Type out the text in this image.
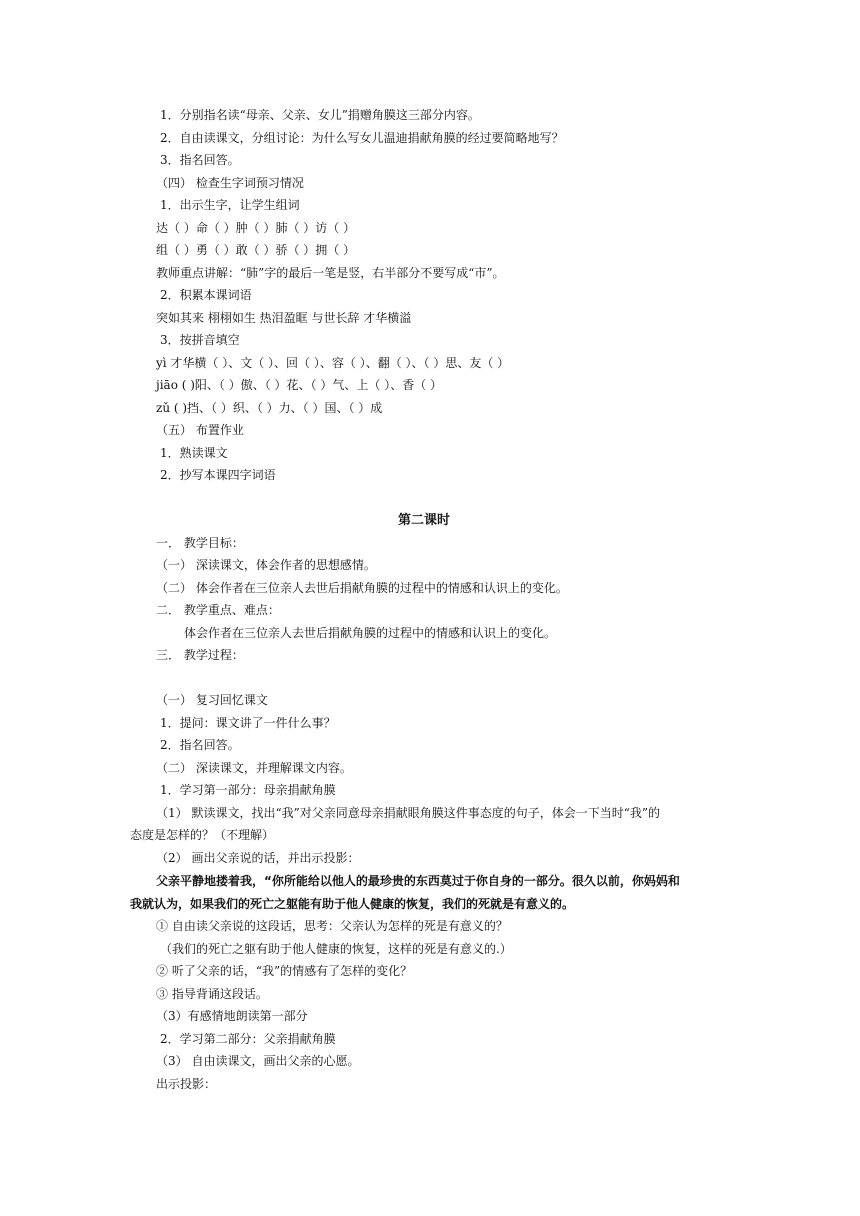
1．分别指名读“母亲、父亲、女儿”捐赠角膜这三部分内容。
2．自由读课文，分组讨论：为什么写女儿温迪捐献角膜的经过要简略地写？
3．指名回答。
（四） 检查生字词预习情况
1．出示生字，让学生组词
达（ ）命（ ）肿（ ）肺（ ）访（ ）
组（ ）勇（ ）敢（ ）骄（ ）拥（ ）
教师重点讲解：“肺”字的最后一笔是竖，右半部分不要写成“市”。
2．积累本课词语
突如其来 栩栩如生 热泪盈眶 与世长辞 才华横溢
3．按拼音填空
yì 才华横（ ）、文（ ）、回（ ）、容（ ）、翻（ ）、（ ）思、友（ ）
jiāo ( )阳、（ ）傲、（ ）花、（ ）气、上（ ）、香（ ）
zǔ ( )挡、（ ）织、（ ）力、（ ）国、（ ）成
（五） 布置作业
1．熟读课文
2．抄写本课四字词语
第二课时
一． 教学目标：
（一） 深读课文，体会作者的思想感情。
（二） 体会作者在三位亲人去世后捐献角膜的过程中的情感和认识上的变化。
二． 教学重点、难点：
体会作者在三位亲人去世后捐献角膜的过程中的情感和认识上的变化。
三． 教学过程：
（一） 复习回忆课文
1．提问：课文讲了一件什么事？
2．指名回答。
（二） 深读课文，并理解课文内容。
1．学习第一部分：母亲捐献角膜
（1） 默读课文，找出“我”对父亲同意母亲捐献眼角膜这件事态度的句子，体会一下当时“我”的
态度是怎样的？（不理解）
（2） 画出父亲说的话，并出示投影：
父亲平静地搂着我，“你所能给以他人的最珍贵的东西莫过于你自身的一部分。很久以前，你妈妈和
我就认为，如果我们的死亡之躯能有助于他人健康的恢复，我们的死就是有意义的。
① 自由读父亲说的这段话，思考：父亲认为怎样的死是有意义的？
（我们的死亡之躯有助于他人健康的恢复，这样的死是有意义的.）
② 听了父亲的话，“我”的情感有了怎样的变化？
③ 指导背诵这段话。
（3）有感情地朗读第一部分
2．学习第二部分：父亲捐献角膜
（3） 自由读课文，画出父亲的心愿。
出示投影：
